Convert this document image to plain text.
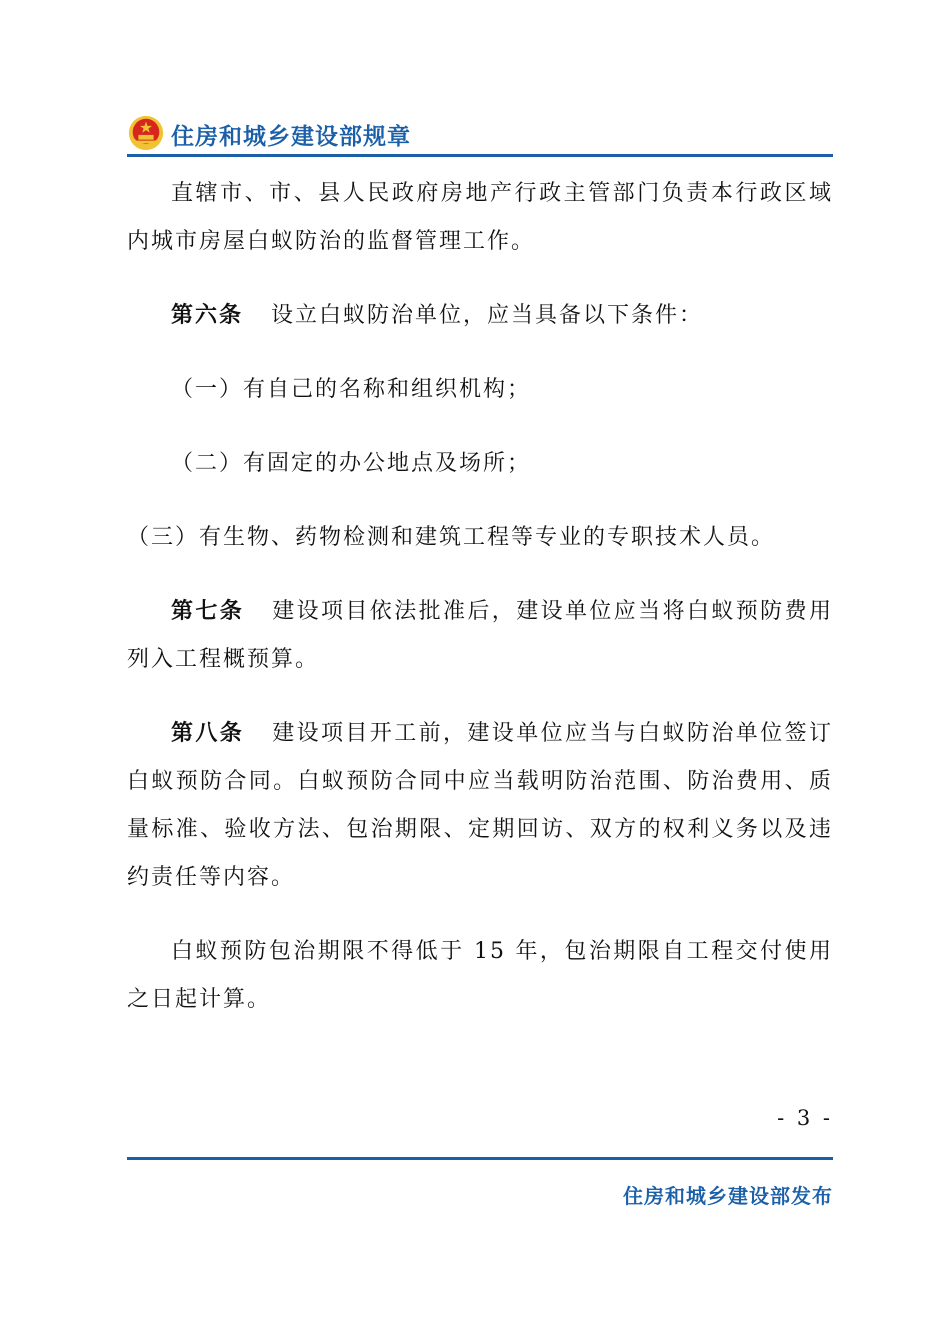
住房和城乡建设部规章

直辖市、市、县人民政府房地产行政主管部门负责本行政区域内城市房屋白蚁防治的监督管理工作。

第六条 设立白蚁防治单位，应当具备以下条件：

（一）有自己的名称和组织机构；

（二）有固定的办公地点及场所；

（三）有生物、药物检测和建筑工程等专业的专职技术人员。

第七条 建设项目依法批准后，建设单位应当将白蚁预防费用列入工程概预算。

第八条 建设项目开工前，建设单位应当与白蚁防治单位签订白蚁预防合同。白蚁预防合同中应当载明防治范围、防治费用、质量标准、验收方法、包治期限、定期回访、双方的权利义务以及违约责任等内容。

白蚁预防包治期限不得低于 15 年，包治期限自工程交付使用之日起计算。

- 3 -
住房和城乡建设部发布
